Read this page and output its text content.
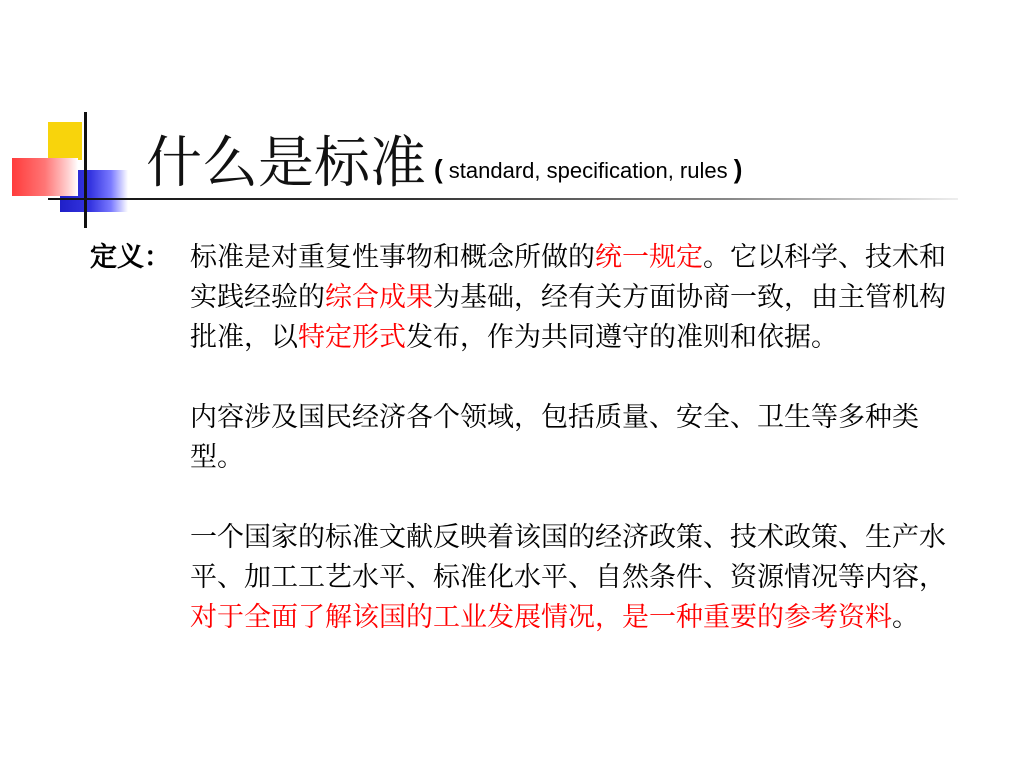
什么是标准 ( standard, specification, rules )
定义： 标准是对重复性事物和概念所做的统一规定。它以科学、技术和实践经验的综合成果为基础，经有关方面协商一致，由主管机构批准，以特定形式发布，作为共同遵守的准则和依据。
内容涉及国民经济各个领域，包括质量、安全、卫生等多种类型。
一个国家的标准文献反映着该国的经济政策、技术政策、生产水平、加工工艺水平、标准化水平、自然条件、资源情况等内容，对于全面了解该国的工业发展情况，是一种重要的参考资料。
